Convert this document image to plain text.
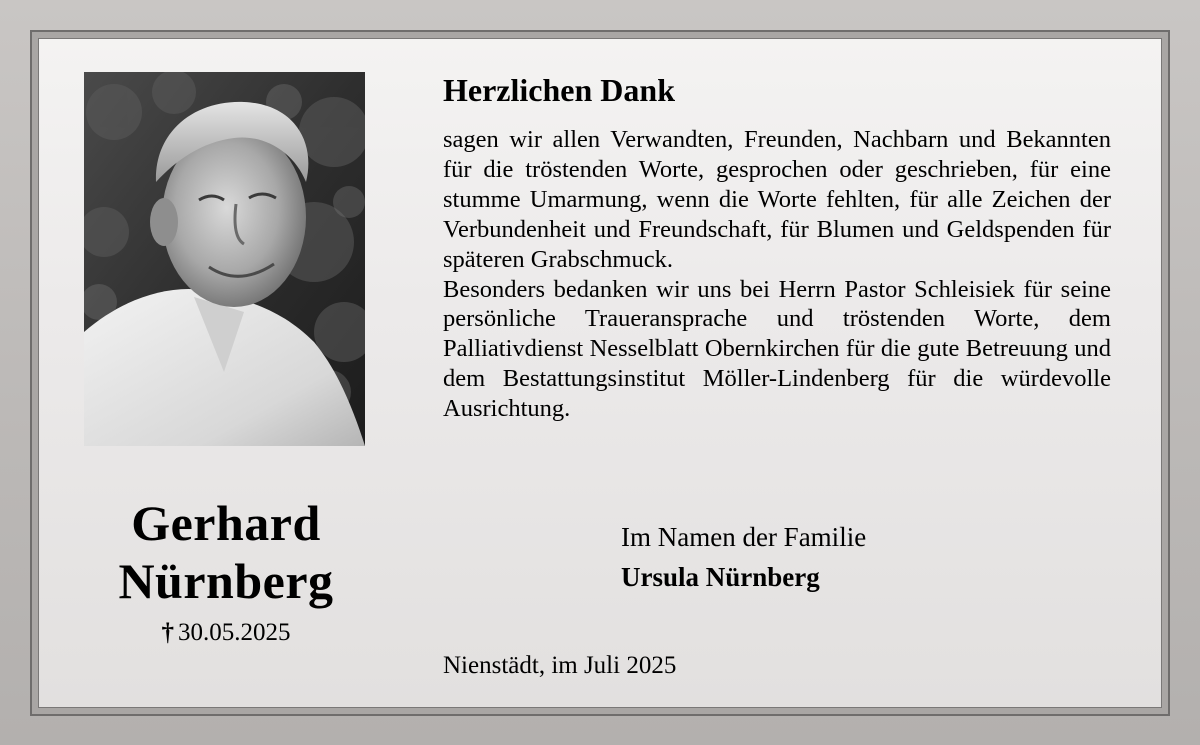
Gerhard
Nürnberg
† 30.05.2025
Herzlichen Dank

sagen wir allen Verwandten, Freunden, Nachbarn und Bekannten für die tröstenden Worte, gesprochen oder geschrieben, für eine stumme Umarmung, wenn die Worte fehlten, für alle Zeichen der Verbundenheit und Freundschaft, für Blumen und Geldspenden für späteren Grabschmuck.

Besonders bedanken wir uns bei Herrn Pastor Schleisiek für seine persönliche Traueransprache und tröstenden Worte, dem Palliativdienst Nesselblatt Obernkirchen für die gute Betreuung und dem Bestattungsinstitut Möller-Lindenberg für die würdevolle Ausrichtung.

Im Namen der Familie
Ursula Nürnberg
Nienstädt, im Juli 2025
